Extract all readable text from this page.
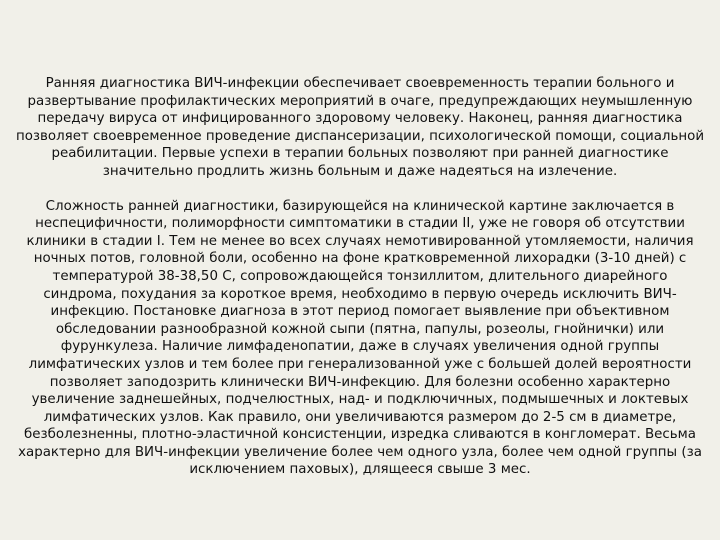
Ранняя диагностика ВИЧ-инфекции обеспечивает своевременность терапии больного и развертывание профилактических мероприятий в очаге, предупреждающих неумышленную передачу вируса от инфицированного здоровому человеку. Наконец, ранняя диагностика позволяет своевременное проведение диспансеризации, психологической помощи, социальной реабилитации. Первые успехи в терапии больных позволяют при ранней диагностике значительно продлить жизнь больным и даже надеяться на излечение.

Сложность ранней диагностики, базирующейся на клинической картине заключается в неспецифичности, полиморфности симптоматики в стадии II, уже не говоря об отсутствии клиники в стадии I. Тем не менее во всех случаях немотивированной утомляемости, наличия ночных потов, головной боли, особенно на фоне кратковременной лихорадки (3-10 дней) с температурой 38-38,50 С, сопровождающейся тонзиллитом, длительного диарейного синдрома, похудания за короткое время, необходимо в первую очередь исключить ВИЧ-инфекцию. Постановке диагноза в этот период помогает выявление при объективном обследовании разнообразной кожной сыпи (пятна, папулы, розеолы, гнойнички) или фурункулеза. Наличие лимфаденопатии, даже в случаях увеличения одной группы лимфатических узлов и тем более при генерализованной уже с большей долей вероятности позволяет заподозрить клинически ВИЧ-инфекцию. Для болезни особенно характерно увеличение заднешейных, подчелюстных, над- и подключичных, подмышечных и локтевых лимфатических узлов. Как правило, они увеличиваются размером до 2-5 см в диаметре, безболезненны, плотно-эластичной консистенции, изредка сливаются в конгломерат. Весьма характерно для ВИЧ-инфекции увеличение более чем одного узла, более чем одной группы (за исключением паховых), длящееся свыше 3 мес.
